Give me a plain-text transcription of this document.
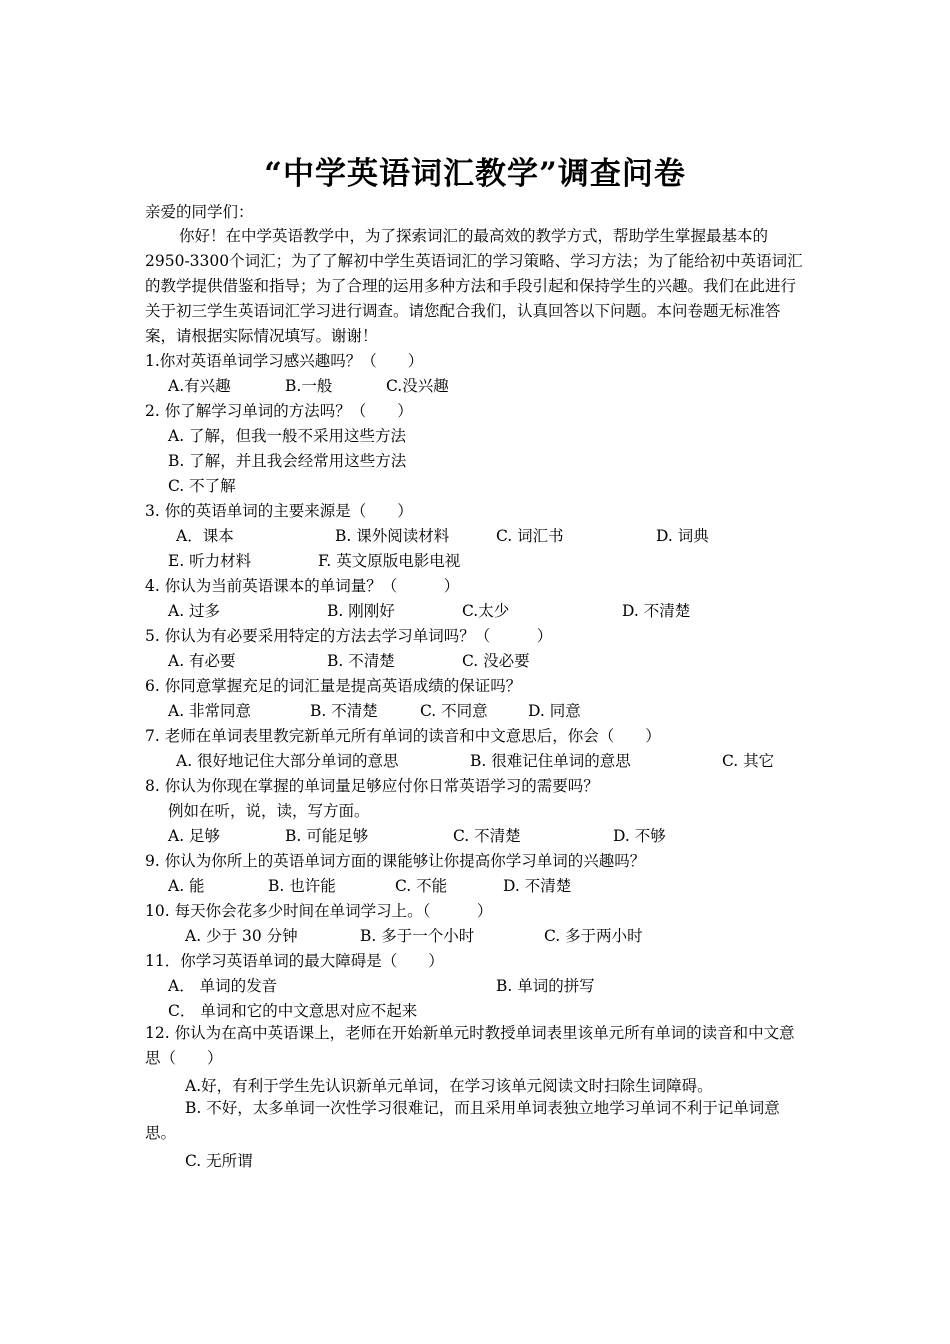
“中学英语词汇教学”调查问卷
亲爱的同学们：
你好！在中学英语教学中，为了探索词汇的最高效的教学方式，帮助学生掌握最基本的2950-3300个词汇；为了了解初中学生英语词汇的学习策略、学习方法；为了能给初中英语词汇的教学提供借鉴和指导；为了合理的运用多种方法和手段引起和保持学生的兴趣。我们在此进行关于初三学生英语词汇学习进行调查。请您配合我们，认真回答以下问题。本问卷题无标准答案，请根据实际情况填写。谢谢！
1.你对英语单词学习感兴趣吗？（　　）
A.有兴趣	B.一般	C.没兴趣
2. 你了解学习单词的方法吗？（　　）
A. 了解，但我一般不采用这些方法
B. 了解，并且我会经常用这些方法
C. 不了解
3. 你的英语单词的主要来源是（　　）
A．课本	B. 课外阅读材料	C. 词汇书	D. 词典
E. 听力材料	F. 英文原版电影电视
4. 你认为当前英语课本的单词量？（　　　）
A. 过多	B. 刚刚好	C.太少	D. 不清楚
5. 你认为有必要采用特定的方法去学习单词吗？（　　　）
A. 有必要	B. 不清楚	C. 没必要
6. 你同意掌握充足的词汇量是提高英语成绩的保证吗？
A. 非常同意	B. 不清楚	C. 不同意	D. 同意
7. 老师在单词表里教完新单元所有单词的读音和中文意思后，你会（　　）
A. 很好地记住大部分单词的意思	B. 很难记住单词的意思	C. 其它
8. 你认为你现在掌握的单词量足够应付你日常英语学习的需要吗？
例如在听，说，读，写方面。
A. 足够	B. 可能足够	C. 不清楚	D. 不够
9. 你认为你所上的英语单词方面的课能够让你提高你学习单词的兴趣吗？
A. 能	B. 也许能	C. 不能	D. 不清楚
10. 每天你会花多少时间在单词学习上。（　　　）
A. 少于 30 分钟	B. 多于一个小时	C. 多于两小时
11．你学习英语单词的最大障碍是（　　）
A． 单词的发音	B. 单词的拼写
C． 单词和它的中文意思对应不起来
12. 你认为在高中英语课上，老师在开始新单元时教授单词表里该单元所有单词的读音和中文意思（　　）
A.好，有利于学生先认识新单元单词，在学习该单元阅读文时扫除生词障碍。
B. 不好，太多单词一次性学习很难记，而且采用单词表独立地学习单词不利于记单词意思。
C. 无所谓
